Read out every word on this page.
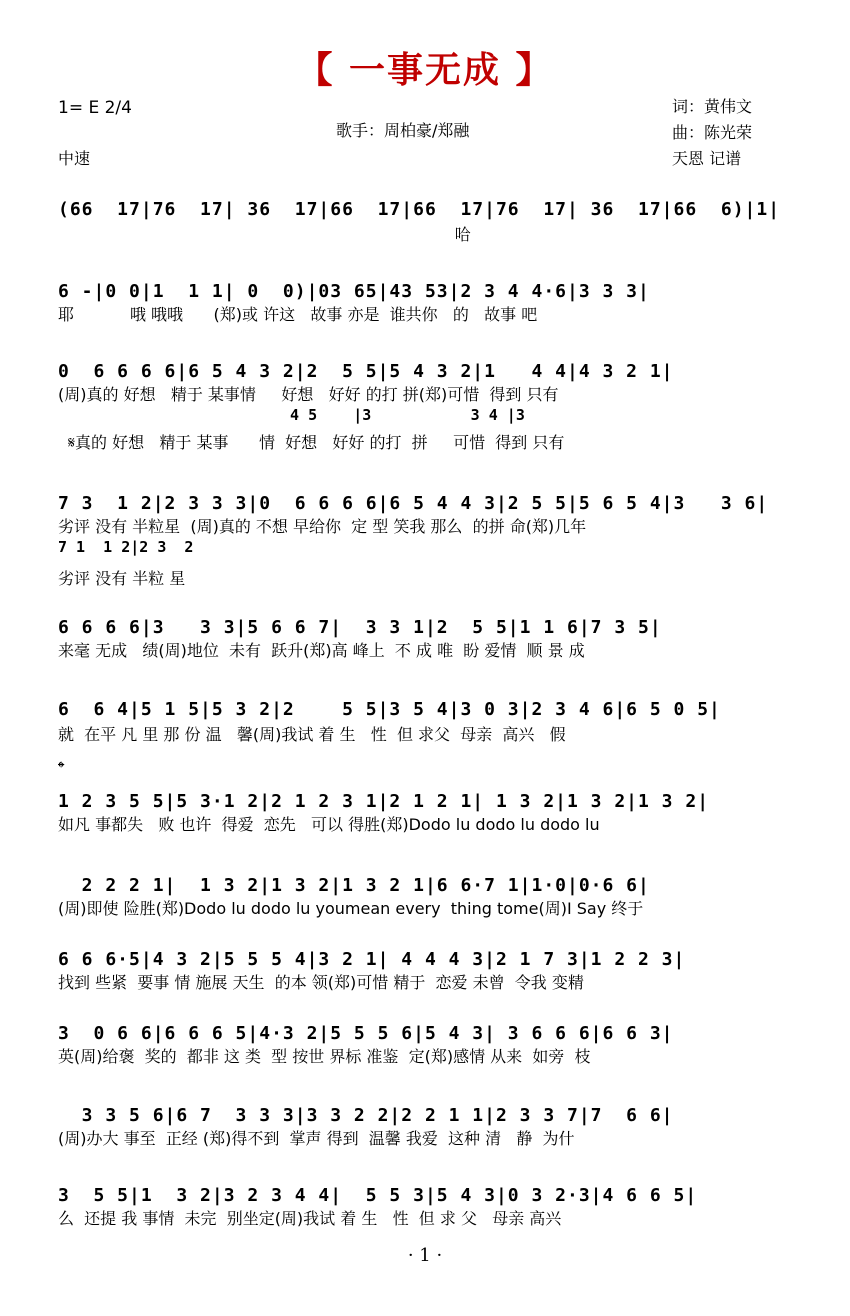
【 一事无成 】
1= E 2/4
中速
歌手：周柏豪/郑融
词：黄伟文
曲：陈光荣
天恩 记谱
(66  17|76  17| 36  17|66  17|66  17|76  17| 36  17|66  6)|1|
哈
6 -|0 0|1  1 1| 0  0)|03 65|43 53|2 3 4 4·6|3 3 3|
耶           哦 哦哦      (郑)或 许这   故事 亦是  谁共你   的   故事 吧
0  6 6 6 6|6 5 4 3 2|2  5 5|5 4 3 2|1   4 4|4 3 2 1|
(周)真的 好想   精于 某事情     好想   好好 的打 拼(郑)可惜  得到 只有
4 5    |3           3 4 |3
𝄋真的 好想   精于 某事      情  好想   好好 的打  拼     可惜  得到 只有
7 3  1 2|2 3 3 3|0  6 6 6 6|6 5 4 4 3|2 5 5|5 6 5 4|3   3 6|
劣评 没有 半粒星  (周)真的 不想 早给你  定 型 笑我 那么  的拼 命(郑)几年
7 1  1 2|2 3  2
劣评 没有 半粒 星
6 6 6 6|3   3 3|5 6 6 7|  3 3 1|2  5 5|1 1 6|7 3 5|
来毫 无成   绩(周)地位  未有  跃升(郑)高 峰上  不 成 唯  盼 爱情  顺 景 成
6  6 4|5 1 5|5 3 2|2    5 5|3 5 4|3 0 3|2 3 4 6|6 5 0 5|
就  在平 凡 里 那 份 温   馨(周)我试 着 生   性  但 求父  母亲  高兴   假
𝄌
1 2 3 5 5|5 3·1 2|2 1 2 3 1|2 1 2 1| 1 3 2|1 3 2|1 3 2|
如凡 事都失   败 也许  得爱  恋先   可以 得胜(郑)Dodo lu dodo lu dodo lu
2 2 2 1|  1 3 2|1 3 2|1 3 2 1|6 6·7 1|1·0|0·6 6|
(周)即使 险胜(郑)Dodo lu dodo lu youmean every  thing tome(周)I Say 终于
6 6 6·5|4 3 2|5 5 5 4|3 2 1| 4 4 4 3|2 1 7 3|1 2 2 3|
找到 些紧  要事 情 施展 天生  的本 领(郑)可惜 精于  恋爱 未曾  令我 变精
3  0 6 6|6 6 6 5|4·3 2|5 5 5 6|5 4 3| 3 6 6 6|6 6 3|
英(周)给褒  奖的  都非 这 类  型 按世 界标 准鉴  定(郑)感情 从来  如旁  枝
3 3 5 6|6 7  3 3 3|3 3 2 2|2 2 1 1|2 3 3 7|7  6 6|
(周)办大 事至  正经 (郑)得不到  掌声 得到  温馨 我爱  这种 清   静  为什
3  5 5|1  3 2|3 2 3 4 4|  5 5 3|5 4 3|0 3 2·3|4 6 6 5|
么  还提 我 事情  未完  别坐定(周)我试 着 生   性  但 求 父   母亲 高兴
· 1 ·
